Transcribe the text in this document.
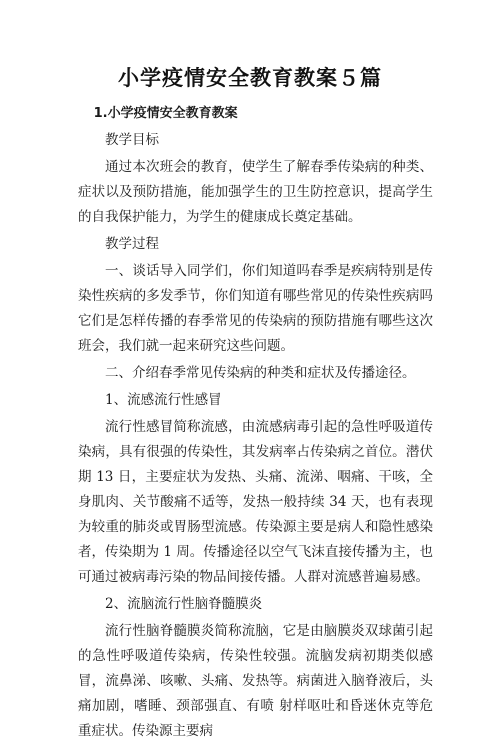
小学疫情安全教育教案５篇

1.小学疫情安全教育教案

教学目标

通过本次班会的教育，使学生了解春季传染病的种类、症状以及预防措施，能加强学生的卫生防控意识，提高学生的自我保护能力，为学生的健康成长奠定基础。

教学过程

一、谈话导入同学们，你们知道吗春季是疾病特别是传染性疾病的多发季节，你们知道有哪些常见的传染性疾病吗它们是怎样传播的春季常见的传染病的预防措施有哪些这次班会，我们就一起来研究这些问题。

二、介绍春季常见传染病的种类和症状及传播途径。

1、流感流行性感冒

流行性感冒简称流感，由流感病毒引起的急性呼吸道传染病，具有很强的传染性，其发病率占传染病之首位。潜伏期 13 日，主要症状为发热、头痛、流涕、咽痛、干咳，全身肌肉、关节酸痛不适等，发热一般持续 34 天，也有表现为较重的肺炎或胃肠型流感。传染源主要是病人和隐性感染者，传染期为 1 周。传播途径以空气飞沫直接传播为主，也可通过被病毒污染的物品间接传播。人群对流感普遍易感。

2、流脑流行性脑脊髓膜炎

流行性脑脊髓膜炎简称流脑，它是由脑膜炎双球菌引起的急性呼吸道传染病，传染性较强。流脑发病初期类似感冒，流鼻涕、咳嗽、头痛、发热等。病菌进入脑脊液后，头痛加剧，嗜睡、颈部强直、有喷 射样呕吐和昏迷休克等危重症状。传染源主要病
